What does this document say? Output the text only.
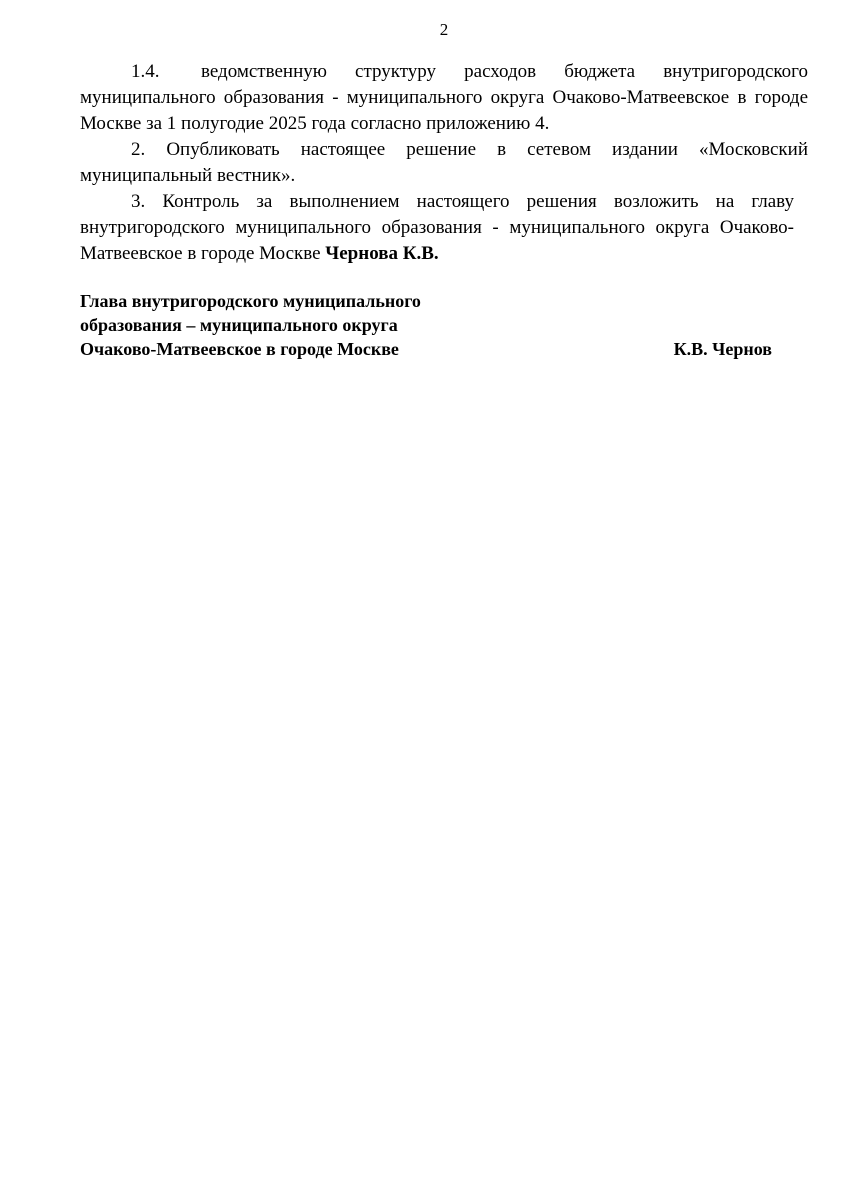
2

1.4. ведомственную структуру расходов бюджета внутригородского муниципального образования - муниципального округа Очаково-Матвеевское в городе Москве за 1 полугодие 2025 года согласно приложению 4.

2. Опубликовать настоящее решение в сетевом издании «Московский муниципальный вестник».

3. Контроль за выполнением настоящего решения возложить на главу внутригородского муниципального образования - муниципального округа Очаково-Матвеевское в городе Москве Чернова К.В.

Глава внутригородского муниципального
образования – муниципального округа
Очаково-Матвеевское в городе Москве	К.В. Чернов
